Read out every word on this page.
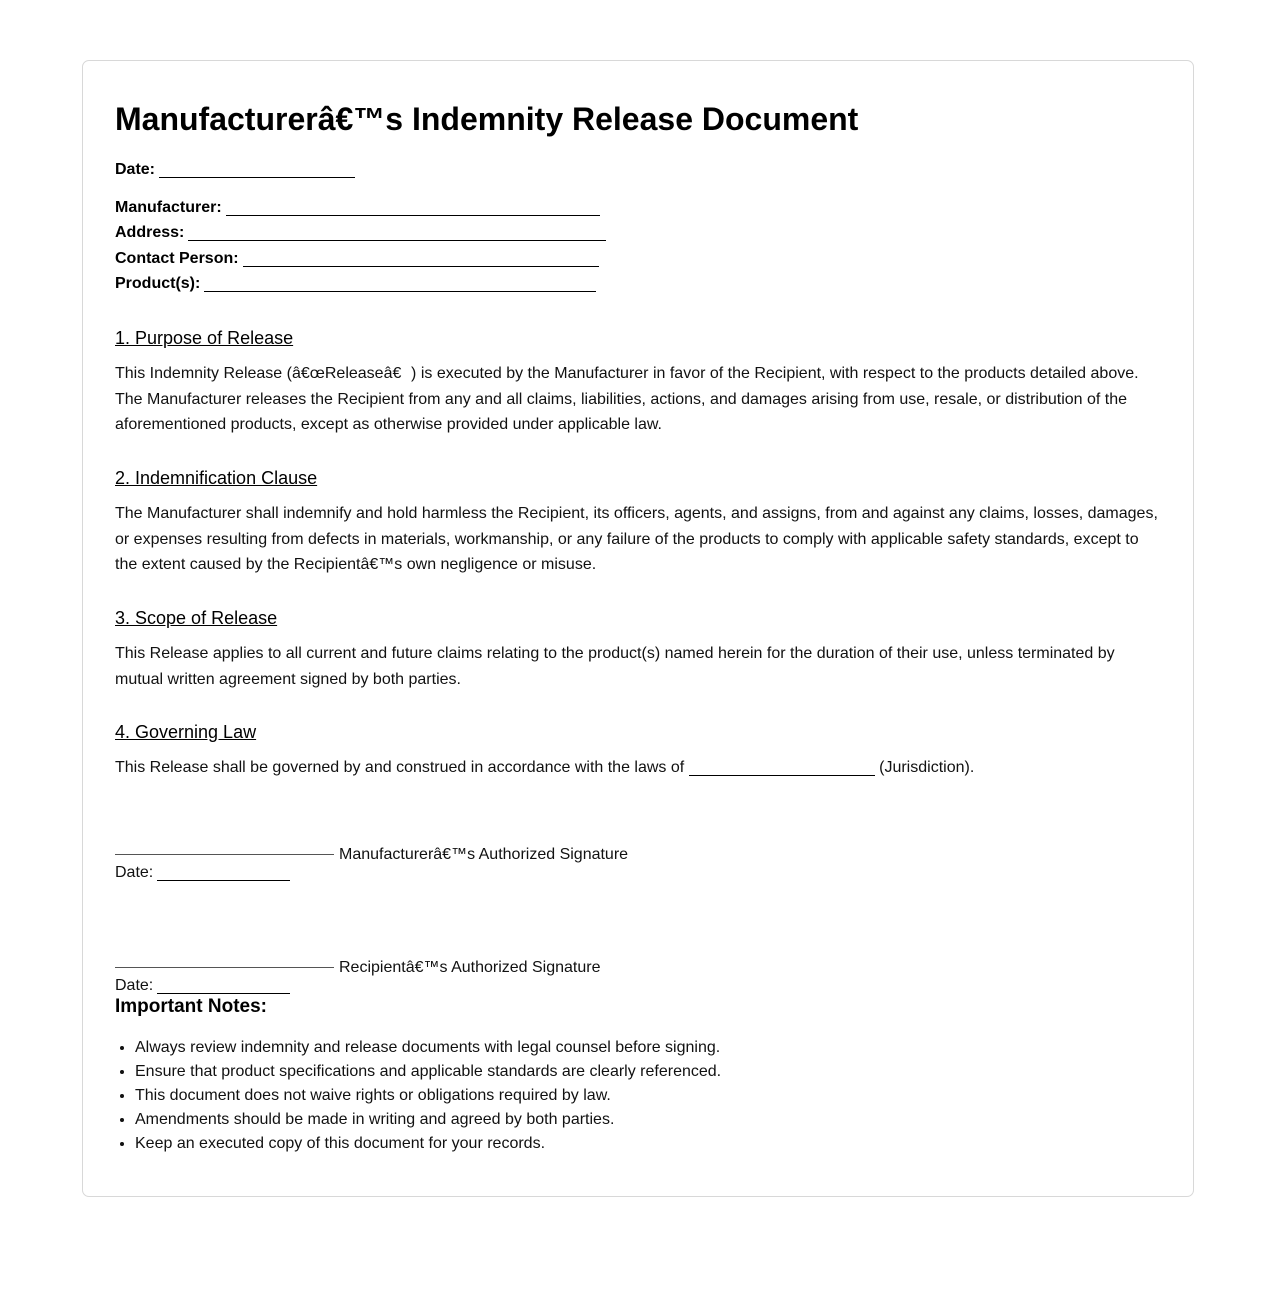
Manufacturerâ€™s Indemnity Release Document
Date:
Manufacturer:
Address:
Contact Person:
Product(s):
1. Purpose of Release

This Indemnity Release (â€œReleaseâ€) is executed by the Manufacturer in favor of the Recipient, with respect to the products detailed above. The Manufacturer releases the Recipient from any and all claims, liabilities, actions, and damages arising from use, resale, or distribution of the aforementioned products, except as otherwise provided under applicable law.

2. Indemnification Clause

The Manufacturer shall indemnify and hold harmless the Recipient, its officers, agents, and assigns, from and against any claims, losses, damages, or expenses resulting from defects in materials, workmanship, or any failure of the products to comply with applicable safety standards, except to the extent caused by the Recipientâ€™s own negligence or misuse.

3. Scope of Release

This Release applies to all current and future claims relating to the product(s) named herein for the duration of their use, unless terminated by mutual written agreement signed by both parties.

4. Governing Law

This Release shall be governed by and construed in accordance with the laws of	(Jurisdiction).

Manufacturerâ€™s Authorized Signature
Date:
Recipientâ€™s Authorized Signature
Date:
Important Notes:
• Always review indemnity and release documents with legal counsel before signing.
• Ensure that product specifications and applicable standards are clearly referenced.
• This document does not waive rights or obligations required by law.
• Amendments should be made in writing and agreed by both parties.
• Keep an executed copy of this document for your records.
